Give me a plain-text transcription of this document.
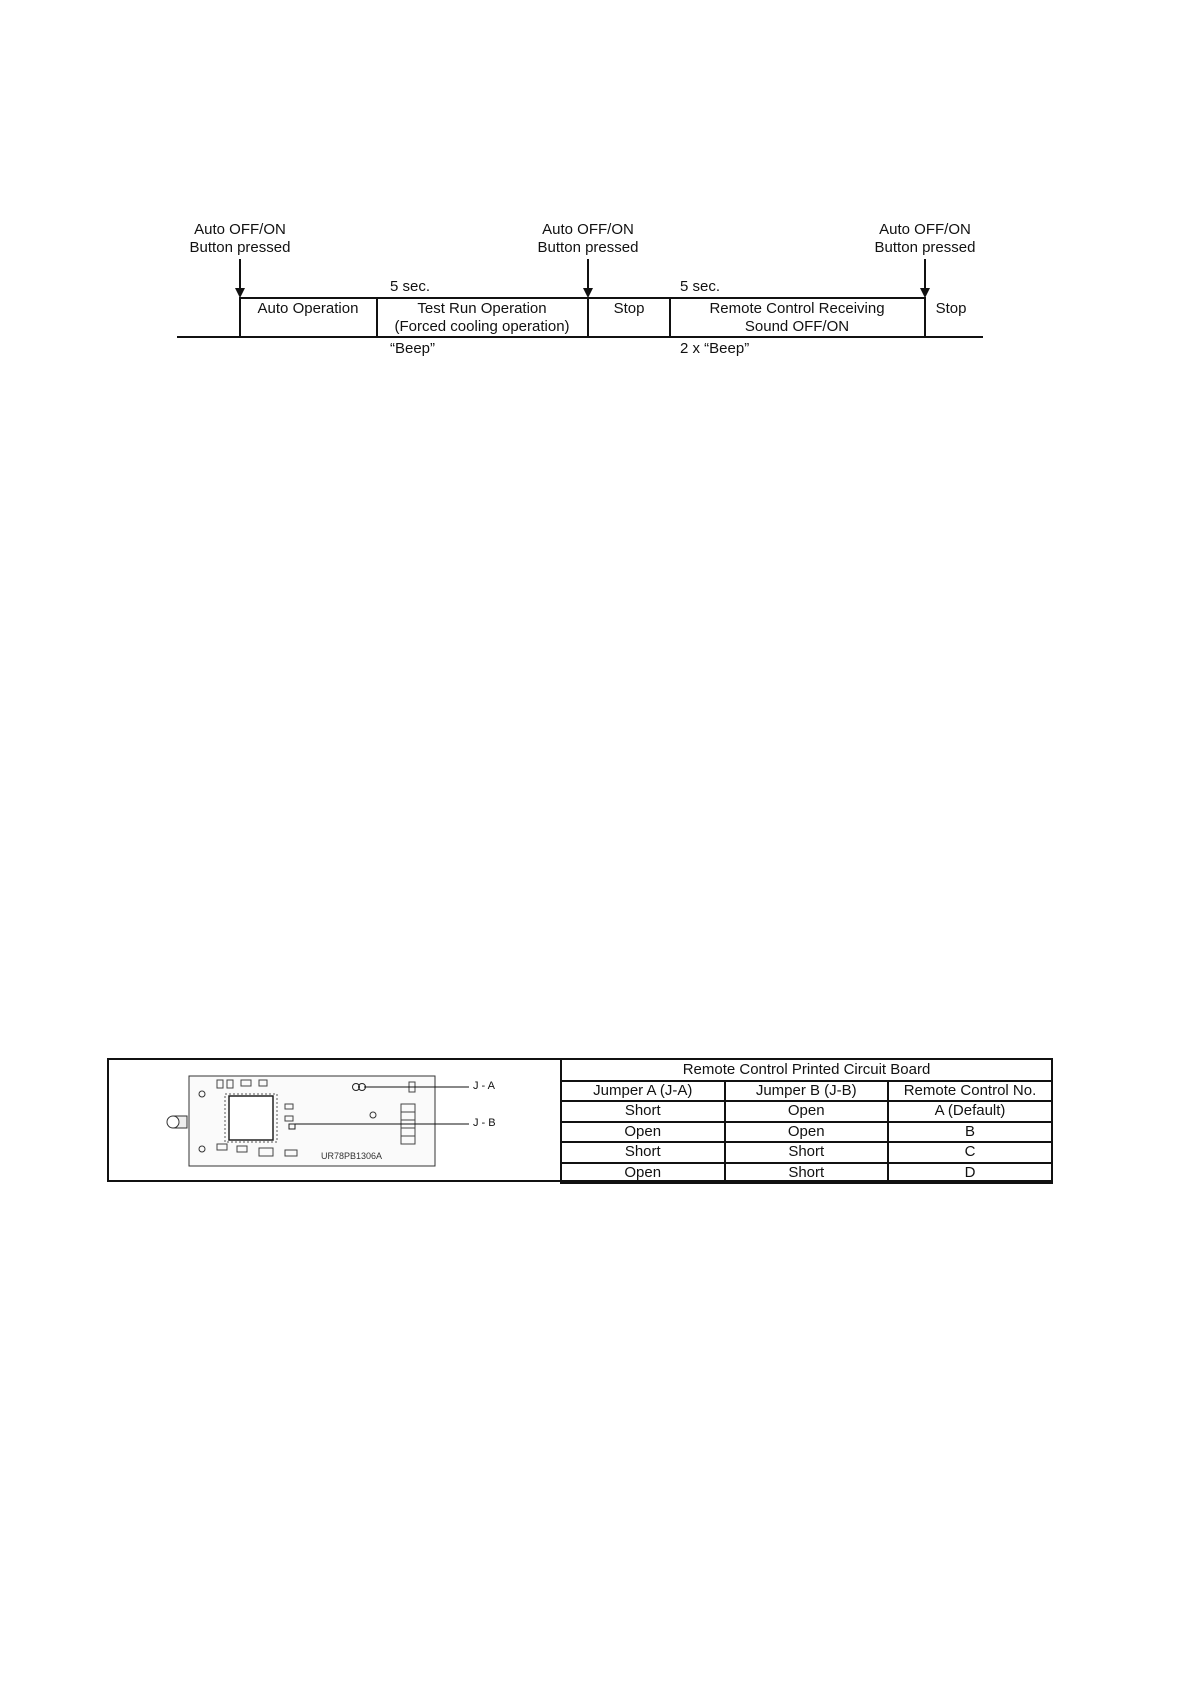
Auto OFF/ON
Button pressed
Auto OFF/ON
Button pressed
Auto OFF/ON
Button pressed
5 sec.	5 sec.
Auto Operation	Test Run Operation
(Forced cooling operation)
Stop	Remote Control Receiving
Sound OFF/ON
Stop
“Beep”	2 x “Beep”
J - A
J - B
UR78PB1306A
Remote Control Printed Circuit Board		
Jumper A (J-A)	Jumper B (J-B)	Remote Control No.
Short	Open	A (Default)
Open	Open	B
Short	Short	C
Open	Short	D
